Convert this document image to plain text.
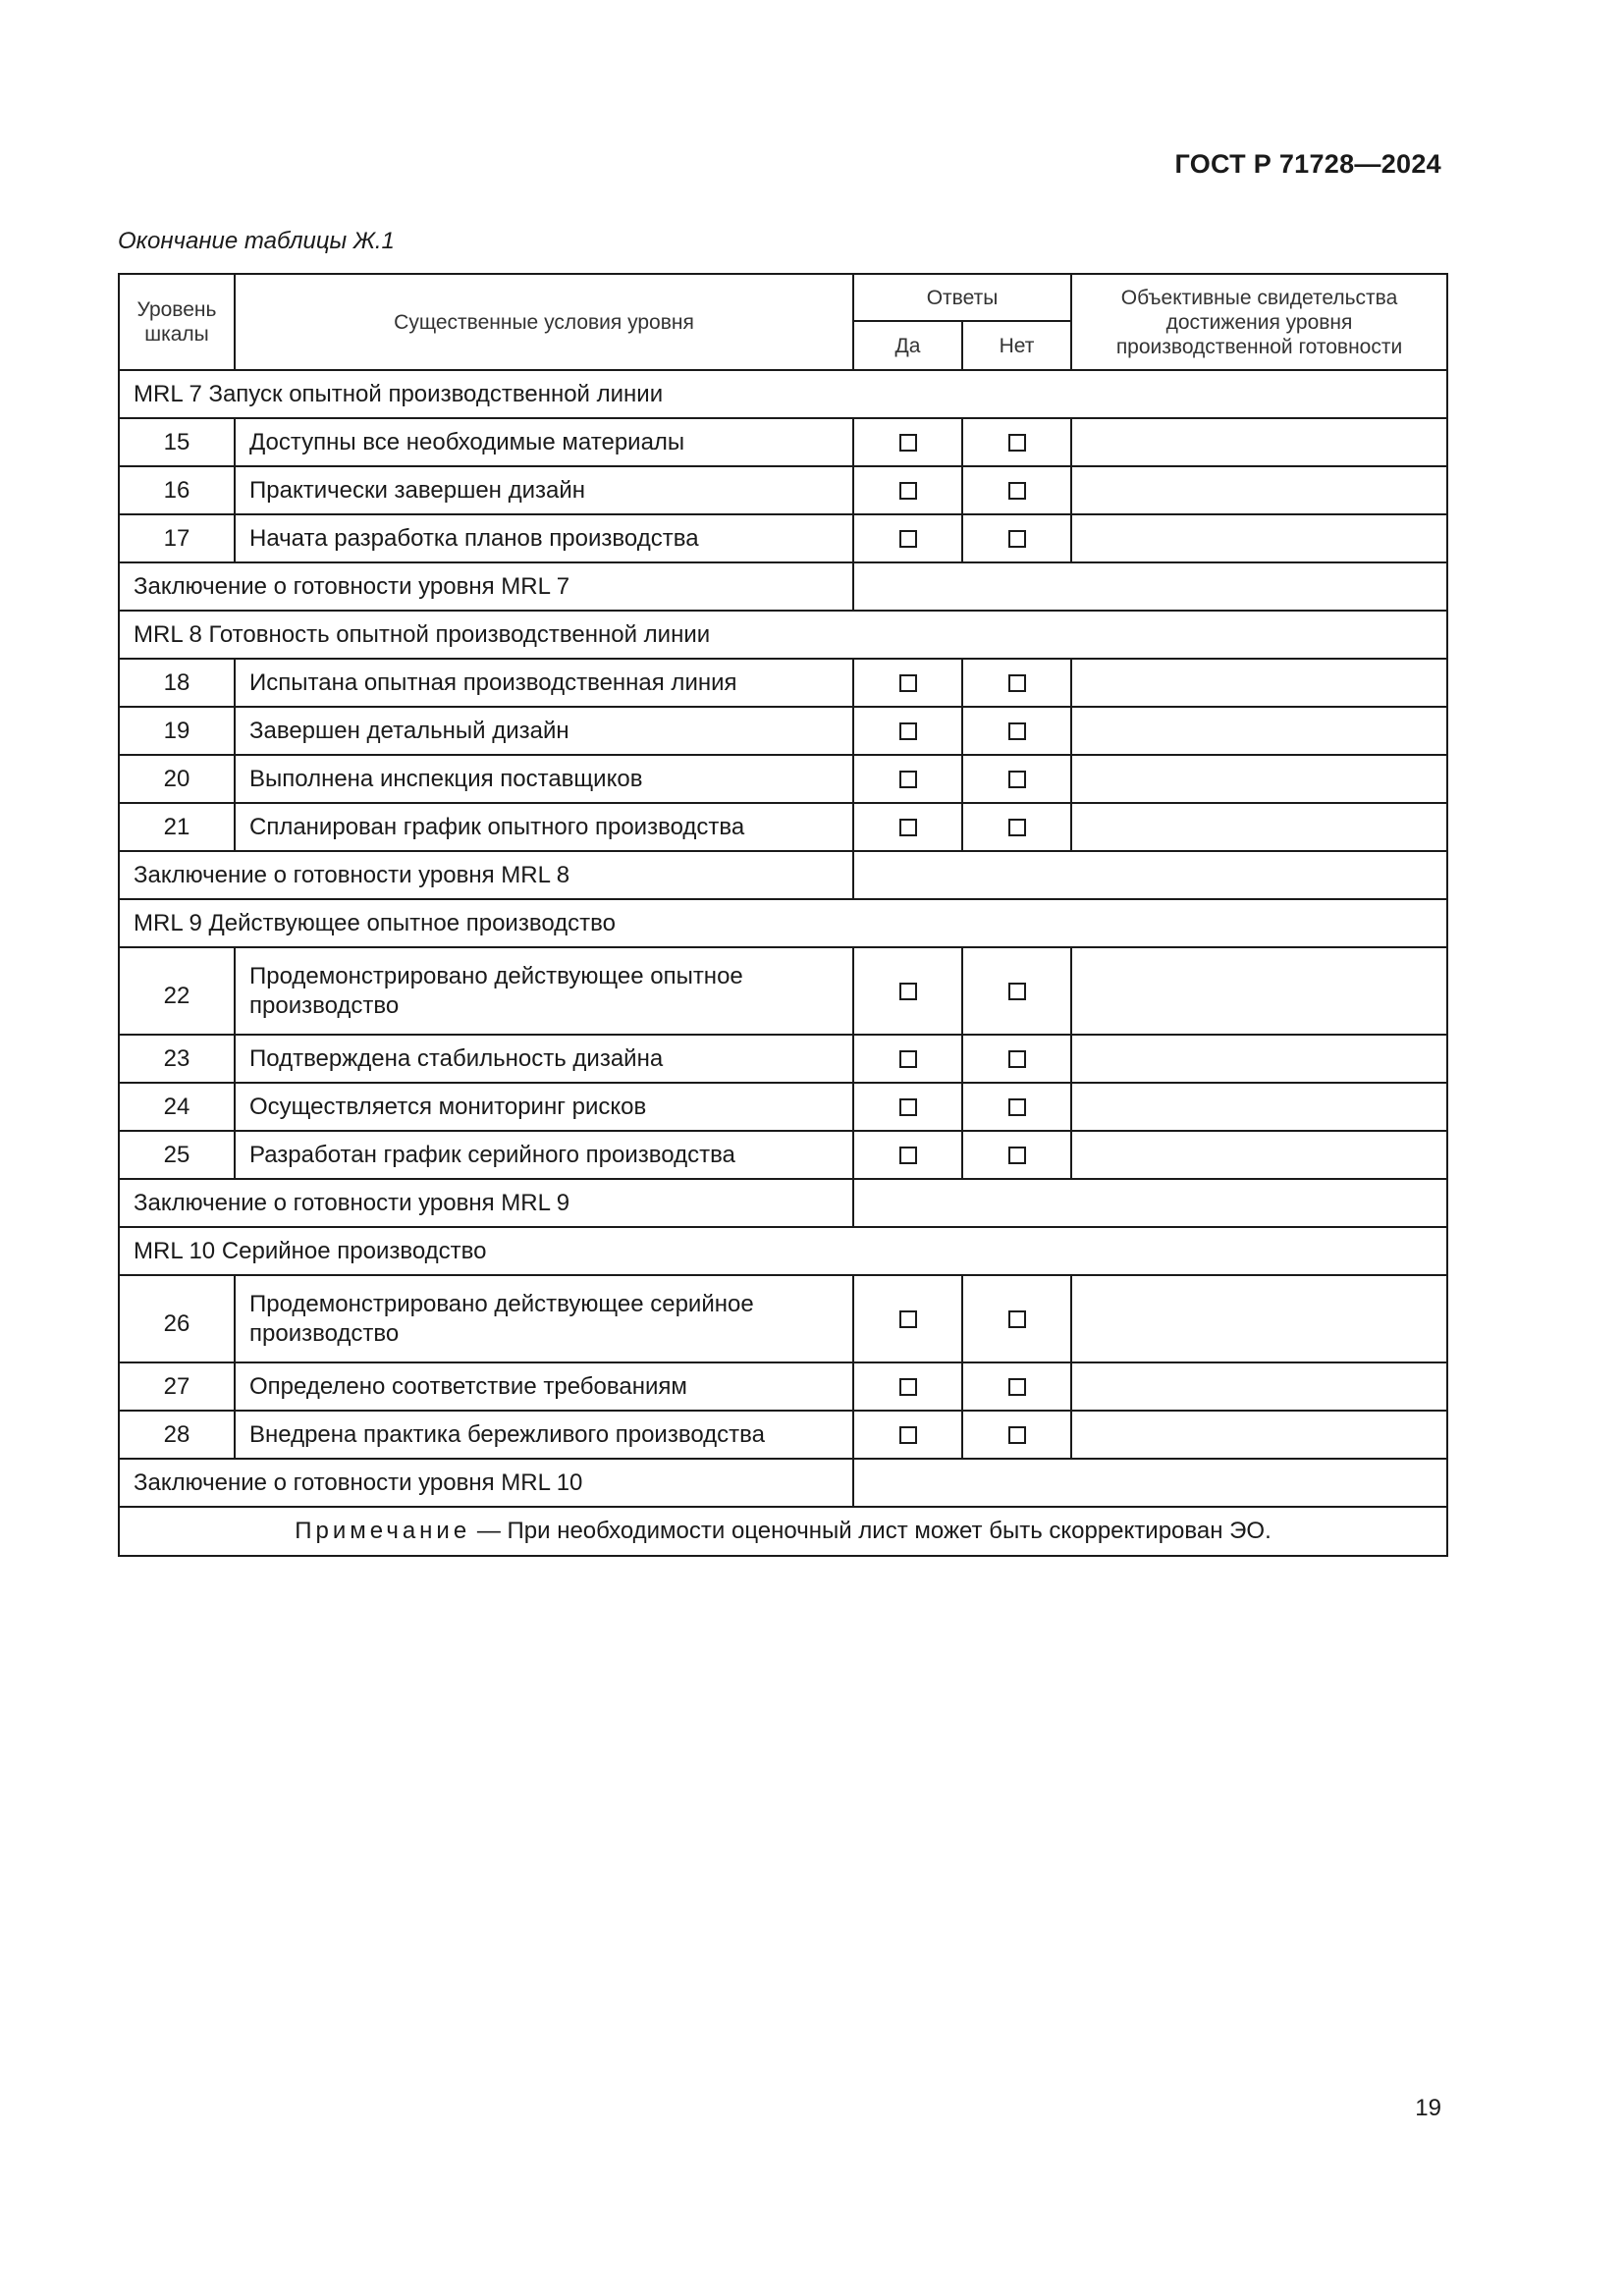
ГОСТ Р 71728—2024
Окончание таблицы Ж.1
Уровень шкалы	Существенные условия уровня	Ответы		Объективные свидетельства достижения уровня производственной готовности
		Да	Нет	
MRL 7 Запуск опытной производственной линии				
15	Доступны все необходимые материалы			
16	Практически завершен дизайн			
17	Начата разработка планов производства			
Заключение о готовности уровня MRL 7				
MRL 8 Готовность опытной производственной линии				
18	Испытана опытная производственная линия			
19	Завершен детальный дизайн			
20	Выполнена инспекция поставщиков			
21	Спланирован график опытного производства			
Заключение о готовности уровня MRL 8				
MRL 9 Действующее опытное производство				
22	Продемонстрировано действующее опытное производство			
23	Подтверждена стабильность дизайна			
24	Осуществляется мониторинг рисков			
25	Разработан график серийного производства			
Заключение о готовности уровня MRL 9				
MRL 10 Серийное производство				
26	Продемонстрировано действующее серийное производство			
27	Определено соответствие требованиям			
28	Внедрена практика бережливого производства			
Заключение о готовности уровня MRL 10				
Примечание — При необходимости оценочный лист может быть скорректирован ЭО.				
19
